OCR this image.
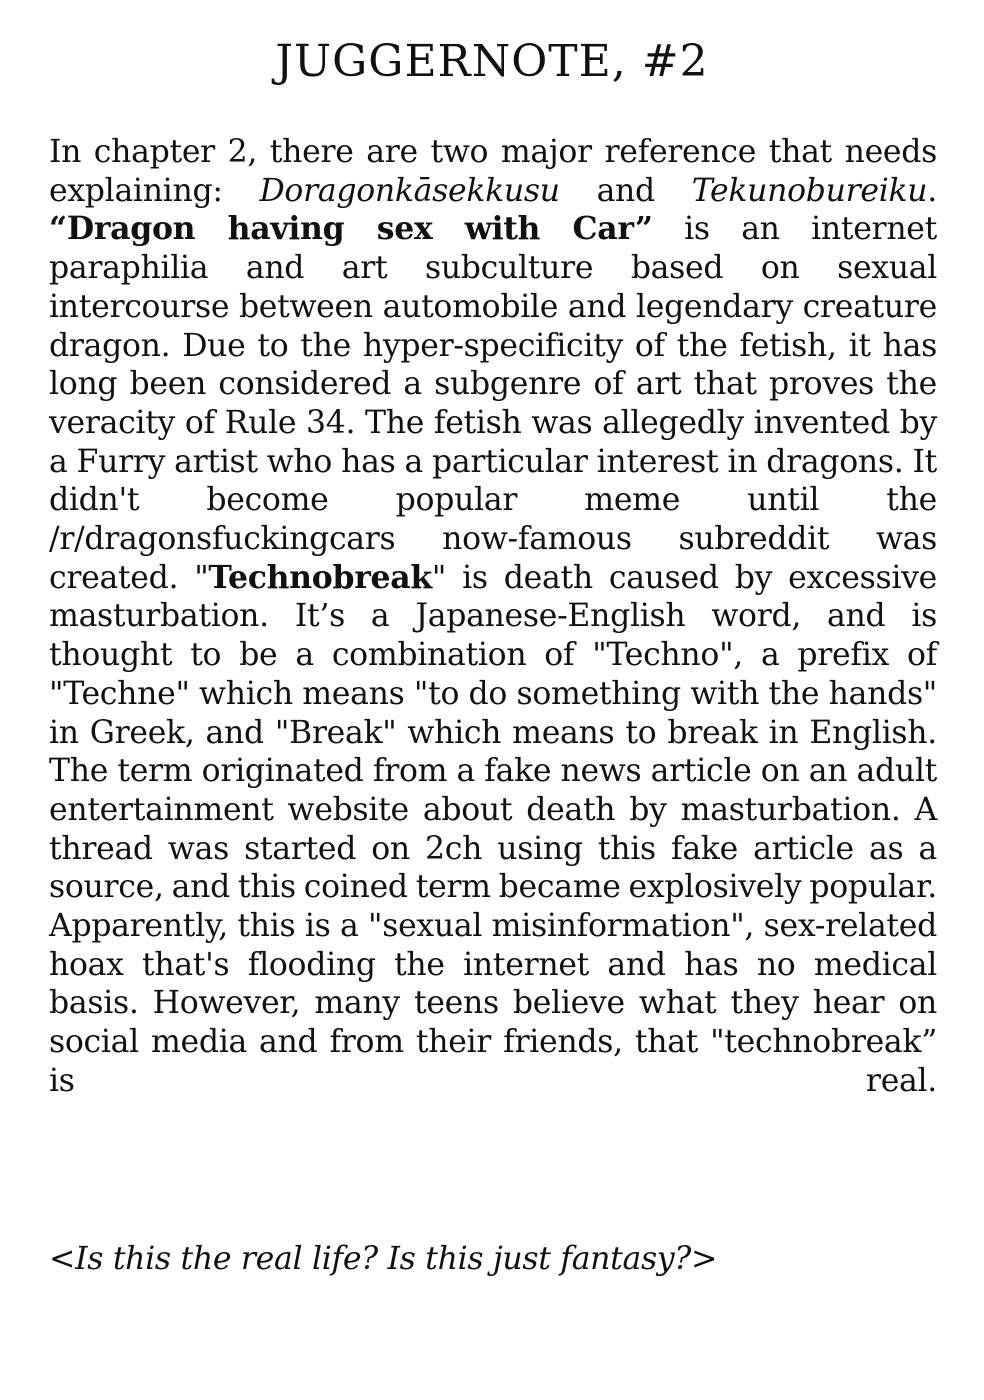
JUGGERNOTE, #2

In chapter 2, there are two major reference that needs explaining: Doragonkāsekkusu and Tekunobureiku. “Dragon having sex with Car” is an internet paraphilia and art subculture based on sexual intercourse between automobile and legendary creature dragon. Due to the hyper-specificity of the fetish, it has long been considered a subgenre of art that proves the veracity of Rule 34. The fetish was allegedly invented by a Furry artist who has a particular interest in dragons. It didn't become popular meme until the /r/dragonsfuckingcars now-famous subreddit was created. "Technobreak" is death caused by excessive masturbation. It’s a Japanese-English word, and is thought to be a combination of "Techno", a prefix of "Techne" which means "to do something with the hands" in Greek, and "Break" which means to break in English. The term originated from a fake news article on an adult entertainment website about death by masturbation. A thread was started on 2ch using this fake article as a source, and this coined term became explosively popular. Apparently, this is a "sexual misinformation", sex-related hoax that's flooding the internet and has no medical basis. However, many teens believe what they hear on social media and from their friends, that "technobreak” is real.

<Is this the real life? Is this just fantasy?>
